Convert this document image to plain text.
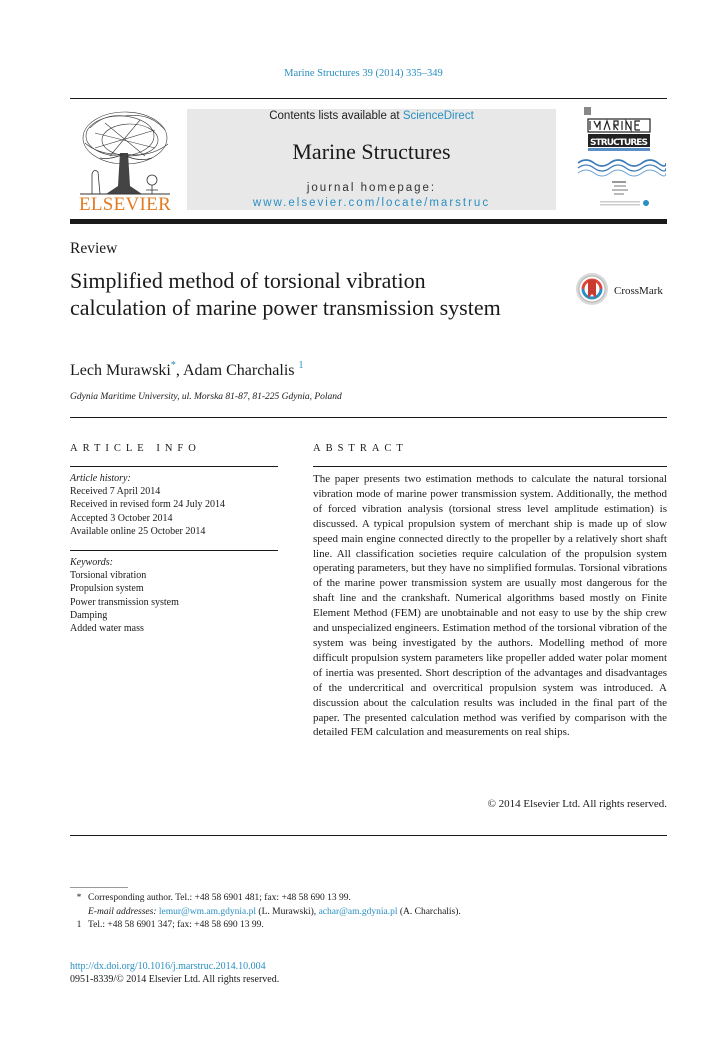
Marine Structures 39 (2014) 335–349
ELSEVIER
Contents lists available at ScienceDirect
Marine Structures
journal homepage: www.elsevier.com/locate/marstruc
STRUCTURES
Review
Simplified method of torsional vibration calculation of marine power transmission system
CrossMark
Lech Murawski*, Adam Charchalis $^1$
Gdynia Maritime University, ul. Morska 81-87, 81-225 Gdynia, Poland
ARTICLE INFO	ABSTRACT
Article history:
Received 7 April 2014
Received in revised form 24 July 2014
Accepted 3 October 2014
Available online 25 October 2014
Keywords:
Torsional vibration
Propulsion system
Power transmission system
Damping
Added water mass
The paper presents two estimation methods to calculate the natural torsional vibration mode of marine power transmission system. Additionally, the method of forced vibration analysis (torsional stress level amplitude estimation) is discussed. A typical propulsion system of merchant ship is made up of slow speed main engine connected directly to the propeller by a relatively short shaft line. All classification societies require calculation of the propulsion system operating parameters, but they have no simplified formulas. Torsional vibrations of the marine power transmission system are usually most dangerous for the shaft line and the crankshaft. Numerical algorithms based mostly on Finite Element Method (FEM) are unobtainable and not easy to use by the ship crew and unspecialized engineers. Estimation method of the torsional vibration of the system was being investigated by the authors. Modelling method of more difficult propulsion system parameters like propeller added water polar moment of inertia was presented. Short description of the advantages and disadvantages of the undercritical and overcritical propulsion system was introduced. A discussion about the calculation results was included in the final part of the paper. The presented calculation method was verified by comparison with the detailed FEM calculation and measurements on real ships.
© 2014 Elsevier Ltd. All rights reserved.
* Corresponding author. Tel.: +48 58 6901 481; fax: +48 58 690 13 99.
E-mail addresses: lemur@wm.am.gdynia.pl (L. Murawski), achar@am.gdynia.pl (A. Charchalis).
1 Tel.: +48 58 6901 347; fax: +48 58 690 13 99.
http://dx.doi.org/10.1016/j.marstruc.2014.10.004
0951-8339/© 2014 Elsevier Ltd. All rights reserved.
